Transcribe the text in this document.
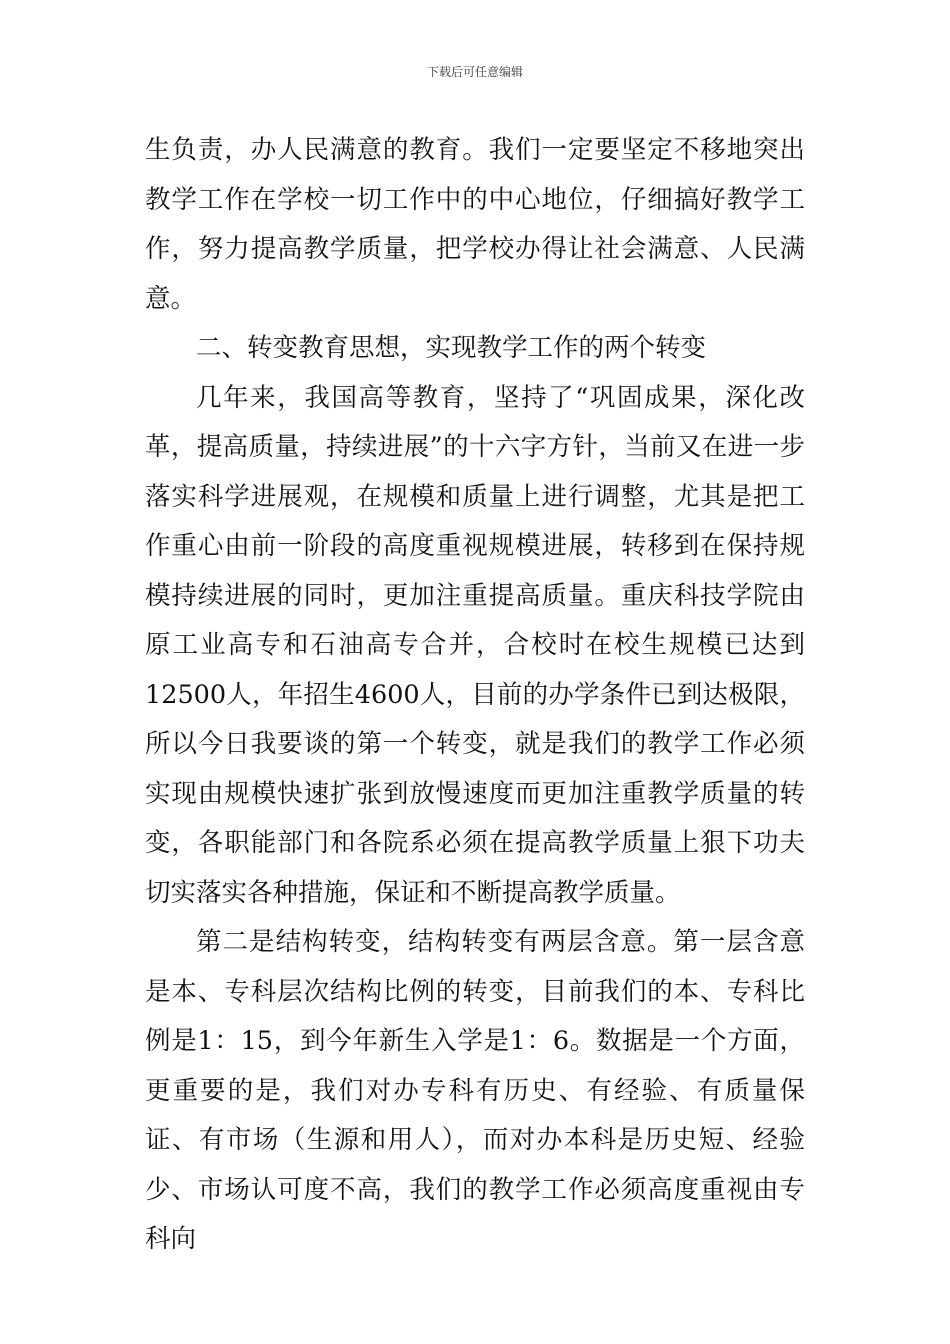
下载后可任意编辑

生负责，办人民满意的教育。我们一定要坚定不移地突出教学工作在学校一切工作中的中心地位，仔细搞好教学工作，努力提高教学质量，把学校办得让社会满意、人民满意。

二、转变教育思想，实现教学工作的两个转变

几年来，我国高等教育，坚持了“巩固成果，深化改革，提高质量，持续进展”的十六字方针，当前又在进一步落实科学进展观，在规模和质量上进行调整，尤其是把工作重心由前一阶段的高度重视规模进展，转移到在保持规模持续进展的同时，更加注重提高质量。重庆科技学院由原工业高专和石油高专合并，合校时在校生规模已达到12500人，年招生4600人，目前的办学条件已到达极限，所以今日我要谈的第一个转变，就是我们的教学工作必须实现由规模快速扩张到放慢速度而更加注重教学质量的转变，各职能部门和各院系必须在提高教学质量上狠下功夫切实落实各种措施，保证和不断提高教学质量。

第二是结构转变，结构转变有两层含意。第一层含意是本、专科层次结构比例的转变，目前我们的本、专科比例是1：15，到今年新生入学是1：6。数据是一个方面，更重要的是，我们对办专科有历史、有经验、有质量保证、有市场（生源和用人），而对办本科是历史短、经验少、市场认可度不高，我们的教学工作必须高度重视由专科向
